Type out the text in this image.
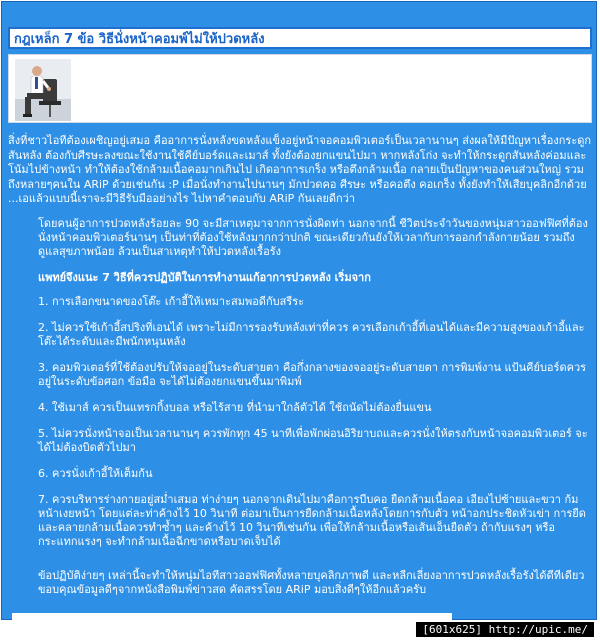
กฎเหล็ก 7 ข้อ วิธีนั่งหน้าคอมพ์ไม่ให้ปวดหลัง

สิ่งที่ชาวไอทีต้องเผชิญอยู่เสมอ คืออาการนั่งหลังขดหลังแข็งอยู่หน้าจอคอมพิวเตอร์เป็นเวลานานๆ ส่งผลให้มีปัญหาเรื่องกระดูกสันหลัง ต้องกับศีรษะลงขณะใช้งานใช้คีย์บอร์ดและเมาส์ ทั้งยังต้องยกแขนไปมา หากหลังโก่ง จะทำให้กระดูกสันหลังค่อมและโน้มไปข้างหน้า ทำให้ต้องใช้กล้ามเนื้อคอมากเกินไป เกิดอาการเกร็ง หรือตึงกล้ามเนื้อ กลายเป็นปัญหาของคนส่วนใหญ่ รวมถึงหลายๆคนใน ARiP ด้วยเช่นกัน :P เมื่อนั่งทำงานไปนานๆ มักปวดคอ ศีรษะ หรือคอตึง คอเกร็ง ทั้งยังทำให้เสียบุคลิกอีกด้วย ...เอแล้วแบบนี้เราจะมีวิธีรับมืออย่างไร ไปหาคำตอบกับ ARiP กันเลยดีกว่า

โดยคนผู้อาการปวดหลังร้อยละ 90 จะมีสาเหตุมาจากการนั่งผิดท่า นอกจากนี้ ชีวิตประจำวันของหนุ่มสาวออฟฟิศที่ต้องนั่งหน้าคอมพิวเตอร์นานๆ เป็นท่าที่ต้องใช้หลังมากกว่าปกติ ขณะเดียวกันยังให้เวลากับการออกกำลังกายน้อย รวมถึงดูแลสุขภาพน้อย ล้วนเป็นสาเหตุทำให้ปวดหลังเรื้อรัง

แพทย์จึงแนะ 7 วิธีที่ควรปฏิบัติในการทำงานแก้อาการปวดหลัง เริ่มจาก

1. การเลือกขนาดของโต๊ะ เก้าอี้ให้เหมาะสมพอดีกับสรีระ
2. ไม่ควรใช้เก้าอี้สปริงที่เอนได้ เพราะไม่มีการรองรับหลังเท่าที่ควร ควรเลือกเก้าอี้ที่เอนได้และมีความสูงของเก้าอี้และโต๊ะได้ระดับและมีพนักหนุนหลัง
3. คอมพิวเตอร์ที่ใช้ต้องปรับให้จออยู่ในระดับสายตา คือกึ่งกลางของจออยู่ระดับสายตา การพิมพ์งาน แป้นคีย์บอร์ดควรอยู่ในระดับข้อศอก ข้อมือ จะได้ไม่ต้องยกแขนขึ้นมาพิมพ์
4. ใช้เมาส์ ควรเป็นแทรกกิ้งบอล หรือไร้สาย ที่นำมาใกล้ตัวได้ ใช้ถนัดไม่ต้องยื่นแขน
5. ไม่ควรนั่งหน้าจอเป็นเวลานานๆ ควรพักทุก 45 นาทีเพื่อพักผ่อนอิริยาบถและควรนั่งให้ตรงกับหน้าจอคอมพิวเตอร์ จะได้ไม่ต้องบิดตัวไปมา
6. ควรนั่งเก้าอี้ให้เต็มก้น
7. ควรบริหารร่างกายอยู่สม่ำเสมอ ท่าง่ายๆ นอกจากเดินไปมาคือการบีบคอ ยืดกล้ามเนื้อคอ เอียงไปซ้ายและขวา ก้มหน้าเงยหน้า โดยแต่ละท่าค้างไว้ 10 วินาที ต่อมาเป็นการยืดกล้ามเนื้อหลังโดยการกับตัว หน้าอกประชิดหัวเข่า การยืดและคลายกล้ามเนื้อควรทำซ้ำๆ และค้างไว้ 10 วินาทีเช่นกัน เพื่อให้กล้ามเนื้อหรือเส้นเอ็นยืดตัว ถ้ากับแรงๆ หรือกระแทกแรงๆ จะทำกล้ามเนื้อฉีกขาดหรือบาดเจ็บได้

ข้อปฏิบัติง่ายๆ เหล่านี้จะทำให้หนุ่มไอทีสาวออฟฟิศทั้งหลายบุคลิกภาพดี และหลีกเลี่ยงอาการปวดหลังเรื้อรังได้ดีทีเดียว ขอบคุณข้อมูลดีๆจากหนังสือพิมพ์ข่าวสด คัดสรรโดย ARiP มอบสิ่งดีๆให้อีกแล้วครับ

[601x625] http://upic.me/
